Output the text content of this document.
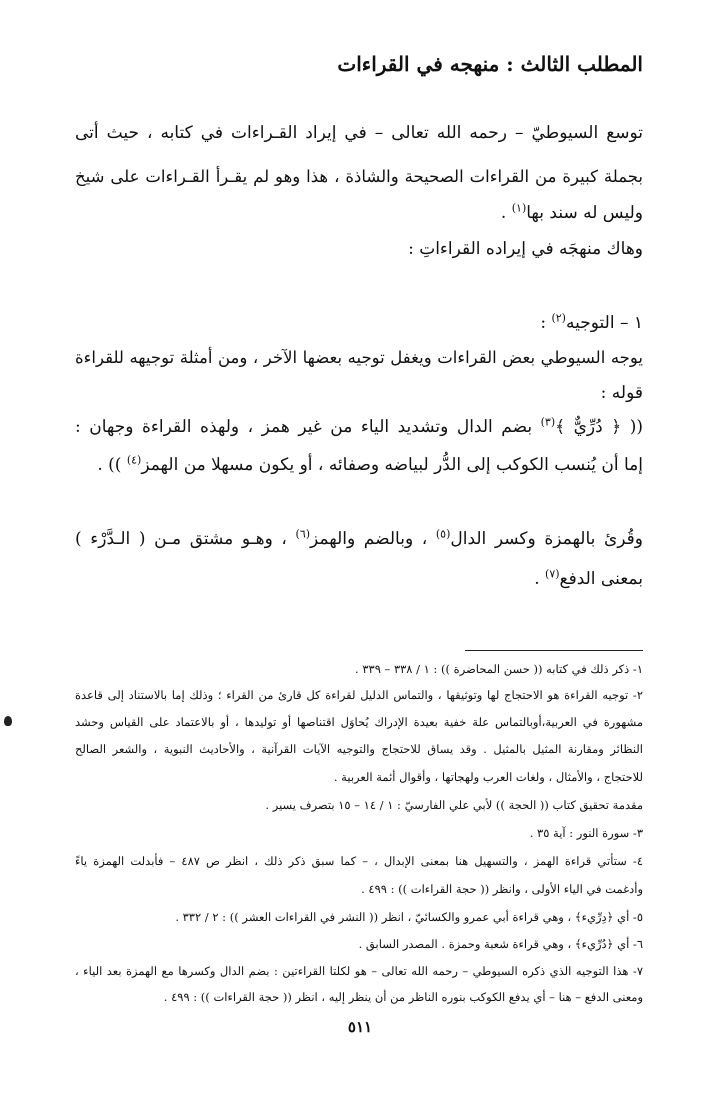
المطلب الثالث : منهجه في القراءات
توسع السيوطيّ – رحمه الله تعالى – في إيراد القـراءات في كتابه ، حيث أتى
بجملة كبيرة من القراءات الصحيحة والشاذة ، هذا وهو لم يقـرأ القـراءات على شيخ
وليس له سند بها$^{(١)}$ .
وهاك منهجَه في إيراده القراءاتِ :
١ – التوجيه$^{(٢)}$ :
يوجه السيوطي بعض القراءات ويغفل توجيه بعضها الآخر ، ومن أمثلة توجيهه للقراءة
قوله :
(( ﴿ دُرِّيٌّ ﴾$^{(٣)}$ بضم الدال وتشديد الياء من غير همز ، ولهذه القراءة وجهان :
إما أن يُنسب الكوكب إلى الدُّر لبياضه وصفائه ، أو يكون مسهلا من الهمز$^{(٤)}$ )) .
وقُرئ بالهمزة وكسر الدال$^{(٥)}$ ، وبالضم والهمز$^{(٦)}$ ، وهـو مشتق مـن ( الـدَّرْء )
بمعنى الدفع$^{(٧)}$ .
١- ذكر ذلك في كتابه (( حسن المحاضرة )) : ١ / ٣٣٨ – ٣٣٩ .
٢- توجيه القراءة هو الاحتجاج لها وتوثيقها ، والتماس الدليل لقراءة كل قارئ من القراء ؛ وذلك إما بالاستناد إلى قاعدة
مشهورة في العربية،أوبالتماس علة خفية بعيدة الإدراك يُحاوَل اقتناصها أو توليدها ، أو بالاعتماد على القياس وحشد
النظائر ومقارنة المثيل بالمثيل . وقد يساق للاحتجاج والتوجيه الآيات القرآنية ، والأحاديث النبوية ، والشعر الصالح
للاحتجاج ، والأمثال ، ولغات العرب ولهجاتها ، وأقوال أئمة العربية .
مقدمة تحقيق كتاب (( الحجة )) لأبي علي الفارسيّ : ١ / ١٤ – ١٥ بتصرف يسير .
٣- سورة النور : آية ٣٥ .
٤- ستأتي قراءة الهمز ، والتسهيل هنا بمعنى الإبدال ، – كما سبق ذكر ذلك ، انظر ص ٤٨٧ – فأبدلت الهمزة ياءً
وأدغمت في الياء الأولى ، وانظر (( حجة القراءات )) : ٤٩٩ .
٥- أي ﴿دِرِّيء﴾ ، وهي قراءة أبي عمرو والكسائيّ ، انظر (( النشر في القراءات العشر )) : ٢ / ٣٣٢ .
٦- أي ﴿دُرِّيء﴾ ، وهي قراءة شعبة وحمزة . المصدر السابق .
٧- هذا التوجيه الذي ذكره السيوطي – رحمه الله تعالى – هو لكلتا القراءتين : بضم الدال وكسرها مع الهمزة بعد الياء ،
ومعنى الدفع – هنا – أي يدفع الكوكب بنوره الناظر من أن ينظر إليه ، انظر (( حجة القراءات )) : ٤٩٩ .
٥١١
